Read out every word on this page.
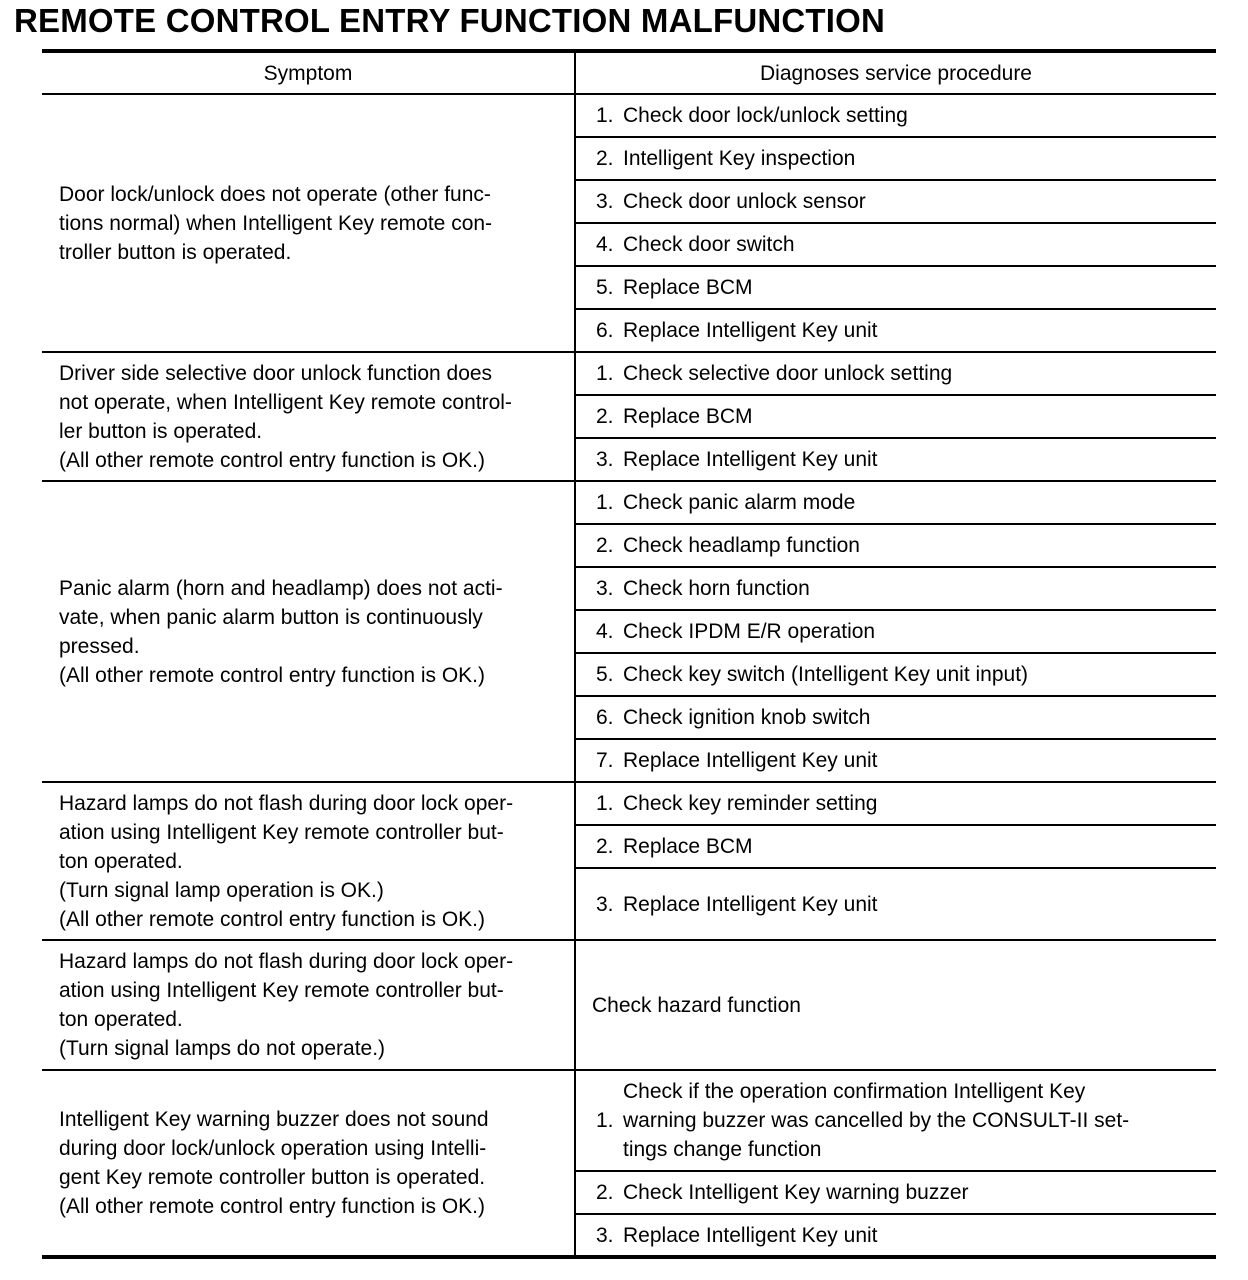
REMOTE CONTROL ENTRY FUNCTION MALFUNCTION
Symptom	Diagnoses service procedure	
Door lock/unlock does not operate (other func-
tions normal) when Intelligent Key remote con-
troller button is operated.	1.	Check door lock/unlock setting
	2.	Intelligent Key inspection
	3.	Check door unlock sensor
	4.	Check door switch
	5.	Replace BCM
	6.	Replace Intelligent Key unit
Driver side selective door unlock function does
not operate, when Intelligent Key remote control-
ler button is operated.
(All other remote control entry function is OK.)	1.	Check selective door unlock setting
	2.	Replace BCM
	3.	Replace Intelligent Key unit
Panic alarm (horn and headlamp) does not acti-
vate, when panic alarm button is continuously
pressed.
(All other remote control entry function is OK.)	1.	Check panic alarm mode
	2.	Check headlamp function
	3.	Check horn function
	4.	Check IPDM E/R operation
	5.	Check key switch (Intelligent Key unit input)
	6.	Check ignition knob switch
	7.	Replace Intelligent Key unit
Hazard lamps do not flash during door lock oper-
ation using Intelligent Key remote controller but-
ton operated.
(Turn signal lamp operation is OK.)
(All other remote control entry function is OK.)	1.	Check key reminder setting
	2.	Replace BCM
	3.	Replace Intelligent Key unit
Hazard lamps do not flash during door lock oper-
ation using Intelligent Key remote controller but-
ton operated.
(Turn signal lamps do not operate.)	Check hazard function	
Intelligent Key warning buzzer does not sound
during door lock/unlock operation using Intelli-
gent Key remote controller button is operated.
(All other remote control entry function is OK.)	1.	Check if the operation confirmation Intelligent Key
warning buzzer was cancelled by the CONSULT-II set-
tings change function
	2.	Check Intelligent Key warning buzzer
	3.	Replace Intelligent Key unit
